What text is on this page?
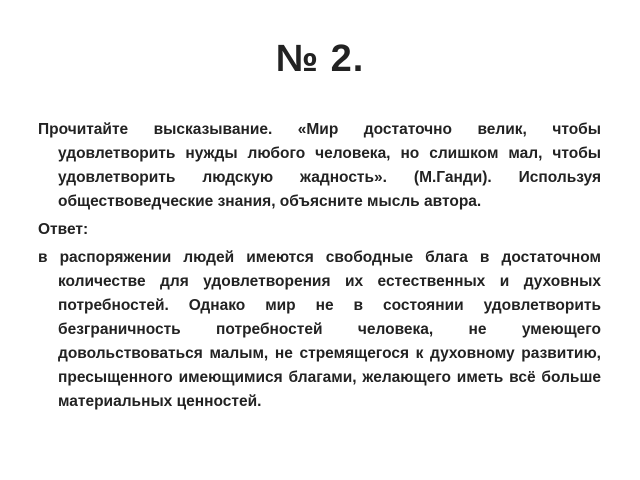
№ 2.

Прочитайте высказывание. «Мир достаточно велик, чтобы удовлетворить нужды любого человека, но слишком мал, чтобы удовлетворить людскую жадность». (М.Ганди). Используя обществоведческие знания, объясните мысль автора.

Ответ:

в распоряжении людей имеются свободные блага в достаточном количестве для удовлетворения их естественных и духовных потребностей. Однако мир не в состоянии удовлетворить безграничность потребностей человека, не умеющего довольствоваться малым, не стремящегося к духовному развитию, пресыщенного имеющимися благами, желающего иметь всё больше материальных ценностей.
